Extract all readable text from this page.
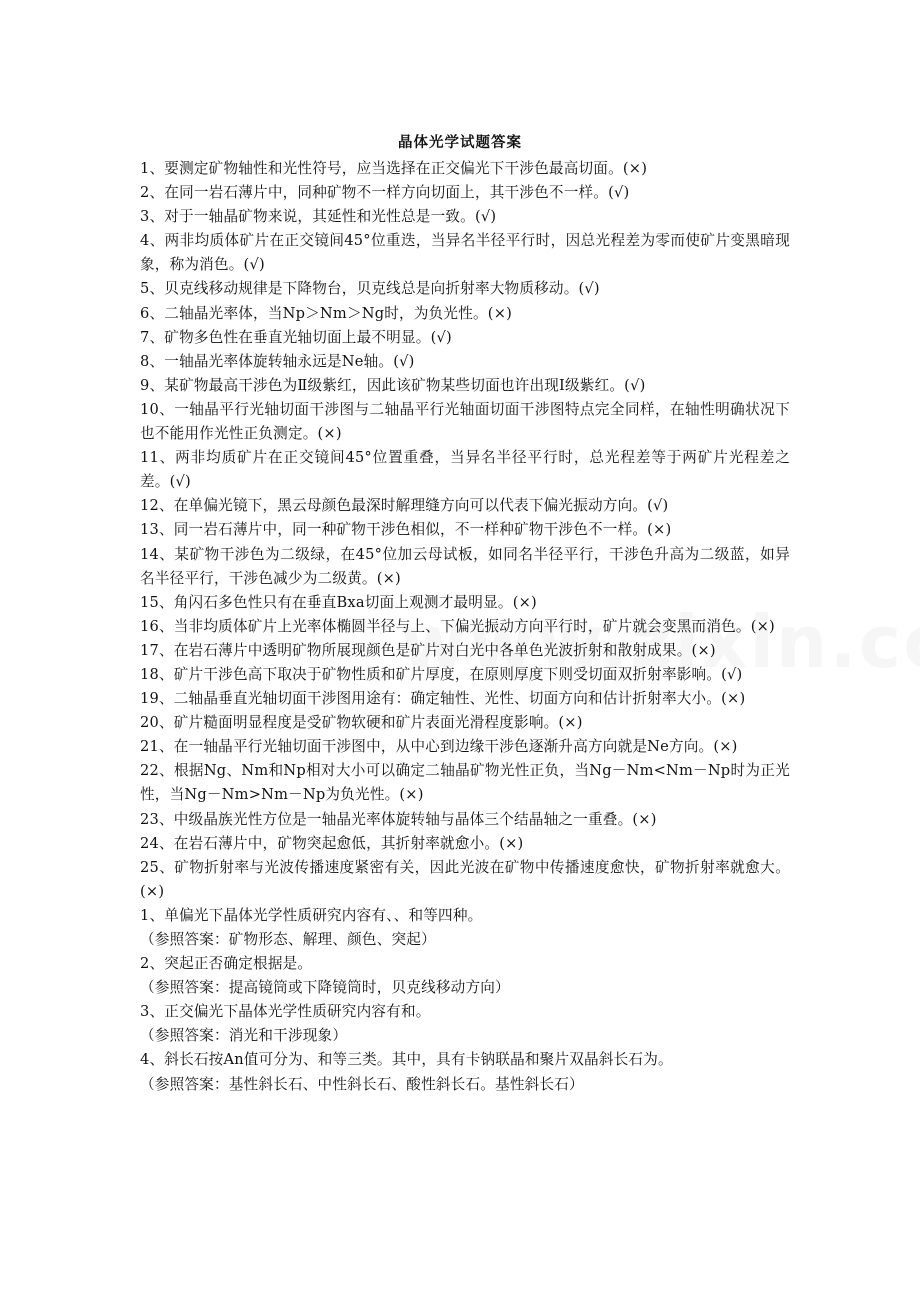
晶体光学试题答案

1、要测定矿物轴性和光性符号，应当选择在正交偏光下干涉色最高切面。(×)

2、在同一岩石薄片中，同种矿物不一样方向切面上，其干涉色不一样。(√)

3、对于一轴晶矿物来说，其延性和光性总是一致。(√)

4、两非均质体矿片在正交镜间45°位重迭，当异名半径平行时，因总光程差为零而使矿片变黑暗现象，称为消色。(√)

5、贝克线移动规律是下降物台，贝克线总是向折射率大物质移动。(√)

6、二轴晶光率体，当Np＞Nm＞Ng时，为负光性。(×)

7、矿物多色性在垂直光轴切面上最不明显。(√)

8、一轴晶光率体旋转轴永远是Ne轴。(√)

9、某矿物最高干涉色为Ⅱ级紫红，因此该矿物某些切面也许出现Ⅰ级紫红。(√)

10、一轴晶平行光轴切面干涉图与二轴晶平行光轴面切面干涉图特点完全同样，在轴性明确状况下也不能用作光性正负测定。(×)

11、两非均质矿片在正交镜间45°位置重叠，当异名半径平行时，总光程差等于两矿片光程差之差。(√)

12、在单偏光镜下，黑云母颜色最深时解理缝方向可以代表下偏光振动方向。(√)

13、同一岩石薄片中，同一种矿物干涉色相似，不一样种矿物干涉色不一样。(×)

14、某矿物干涉色为二级绿，在45°位加云母试板，如同名半径平行，干涉色升高为二级蓝，如异名半径平行，干涉色减少为二级黄。(×)

15、角闪石多色性只有在垂直Bxa切面上观测才最明显。(×)

16、当非均质体矿片上光率体椭圆半径与上、下偏光振动方向平行时，矿片就会变黑而消色。(×)

17、在岩石薄片中透明矿物所展现颜色是矿片对白光中各单色光波折射和散射成果。(×)

18、矿片干涉色高下取决于矿物性质和矿片厚度，在原则厚度下则受切面双折射率影响。(√)

19、二轴晶垂直光轴切面干涉图用途有：确定轴性、光性、切面方向和估计折射率大小。(×)

20、矿片糙面明显程度是受矿物软硬和矿片表面光滑程度影响。(×)

21、在一轴晶平行光轴切面干涉图中，从中心到边缘干涉色逐渐升高方向就是Ne方向。(×)

22、根据Ng、Nm和Np相对大小可以确定二轴晶矿物光性正负，当Ng－Nm<Nm－Np时为正光性，当Ng－Nm>Nm－Np为负光性。(×)

23、中级晶族光性方位是一轴晶光率体旋转轴与晶体三个结晶轴之一重叠。(×)

24、在岩石薄片中，矿物突起愈低，其折射率就愈小。(×)

25、矿物折射率与光波传播速度紧密有关，因此光波在矿物中传播速度愈快，矿物折射率就愈大。(×)

1、单偏光下晶体光学性质研究内容有、、和等四种。

（参照答案：矿物形态、解理、颜色、突起）

2、突起正否确定根据是。

（参照答案：提高镜筒或下降镜筒时，贝克线移动方向）

3、正交偏光下晶体光学性质研究内容有和。

（参照答案：消光和干涉现象）

4、斜长石按An值可分为、和等三类。其中，具有卡钠联晶和聚片双晶斜长石为。

（参照答案：基性斜长石、中性斜长石、酸性斜长石。基性斜长石）
